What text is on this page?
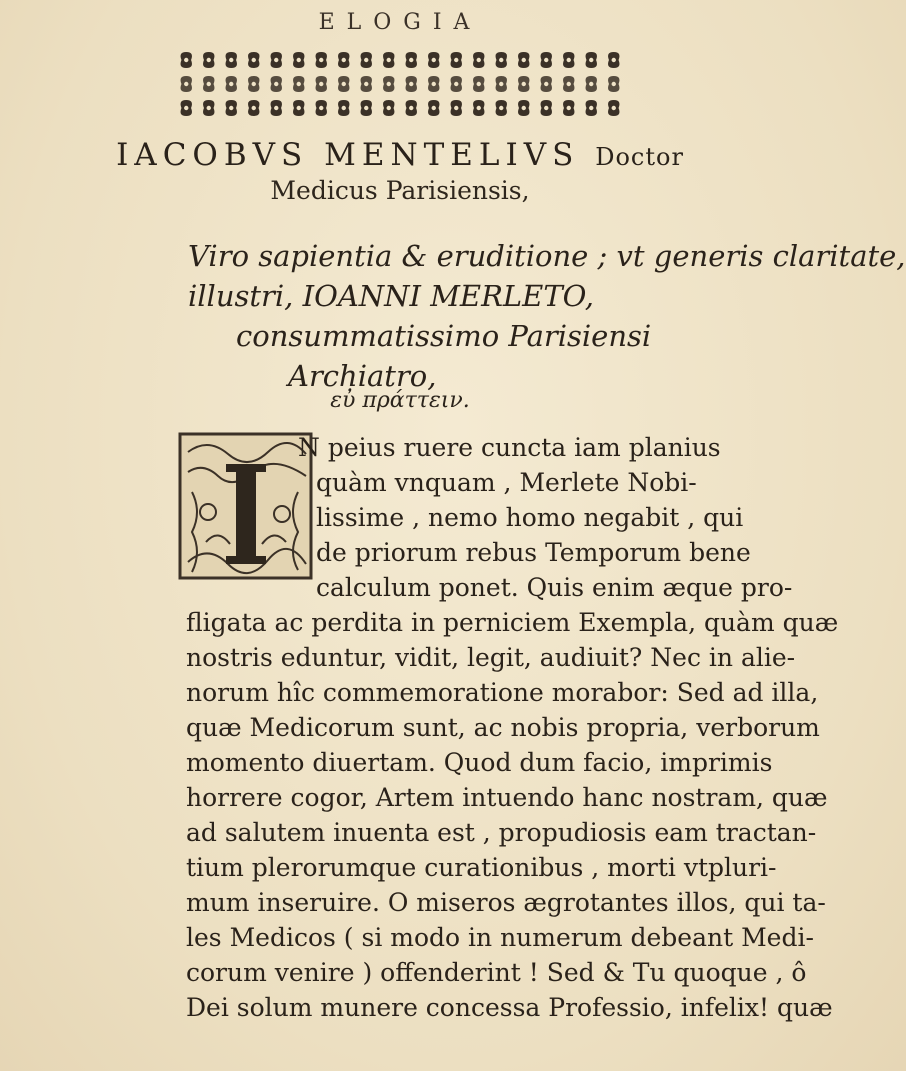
ELOGIA
IACOBVS MENTELIVS Doctor
Medicus Parisiensis,
Viro sapientia & eruditione ; vt generis claritate,
illustri, IOANNI MERLETO,
consummatissimo Parisiensi
Archiatro,
εὐ πράττειν.
I
N peius ruere cuncta iam planius
quàm vnquam , Merlete Nobi-
lissime , nemo homo negabit , qui
de priorum rebus Temporum bene
calculum ponet. Quis enim æque pro-
fligata ac perdita in perniciem Exempla, quàm quæ
nostris eduntur, vidit, legit, audiuit? Nec in alie-
norum hîc commemoratione morabor: Sed ad illa,
quæ Medicorum sunt, ac nobis propria, verborum
momento diuertam. Quod dum facio, imprimis
horrere cogor, Artem intuendo hanc nostram, quæ
ad salutem inuenta est , propudiosis eam tractan-
tium plerorumque curationibus , morti vtpluri-
mum inseruire. O miseros ægrotantes illos, qui ta-
les Medicos ( si modo in numerum debeant Medi-
corum venire ) offenderint ! Sed & Tu quoque , ô
Dei solum munere concessa Professio, infelix! quæ
